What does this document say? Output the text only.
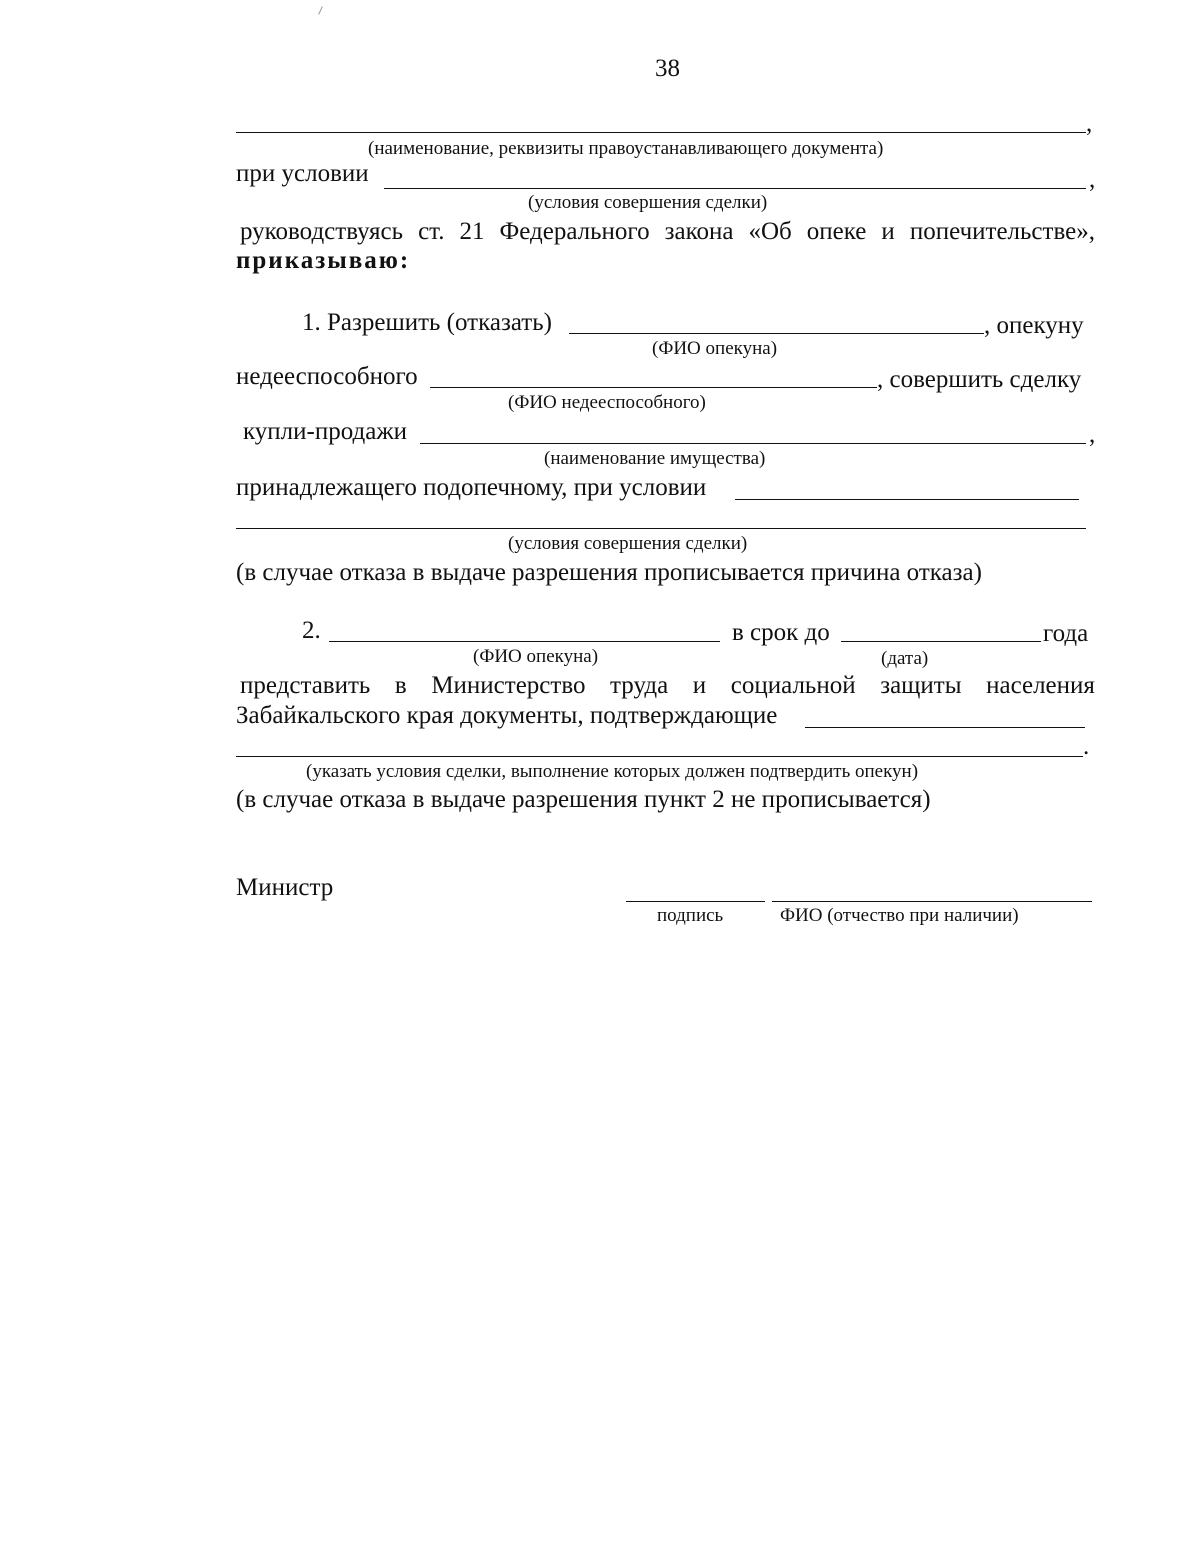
38
,
(наименование, реквизиты правоустанавливающего документа)
при условии	,
(условия совершения сделки)
руководствуясь ст. 21 Федерального закона «Об опеке и попечительстве»,
приказываю:
1. Разрешить (отказать)	, опекуну
(ФИО опекуна)
недееспособного	, совершить сделку
(ФИО недееспособного)
купли-продажи	,
(наименование имущества)
принадлежащего подопечному, при условии
(условия совершения сделки)
(в случае отказа в выдаче разрешения прописывается причина отказа)
2.	в срок до	года
(ФИО опекуна)	(дата)
представить в Министерство труда и социальной защиты населения
Забайкальского края документы, подтверждающие
.
(указать условия сделки, выполнение которых должен подтвердить опекун)
(в случае отказа в выдаче разрешения пункт 2 не прописывается)
Министр
подпись	ФИО (отчество при наличии)
